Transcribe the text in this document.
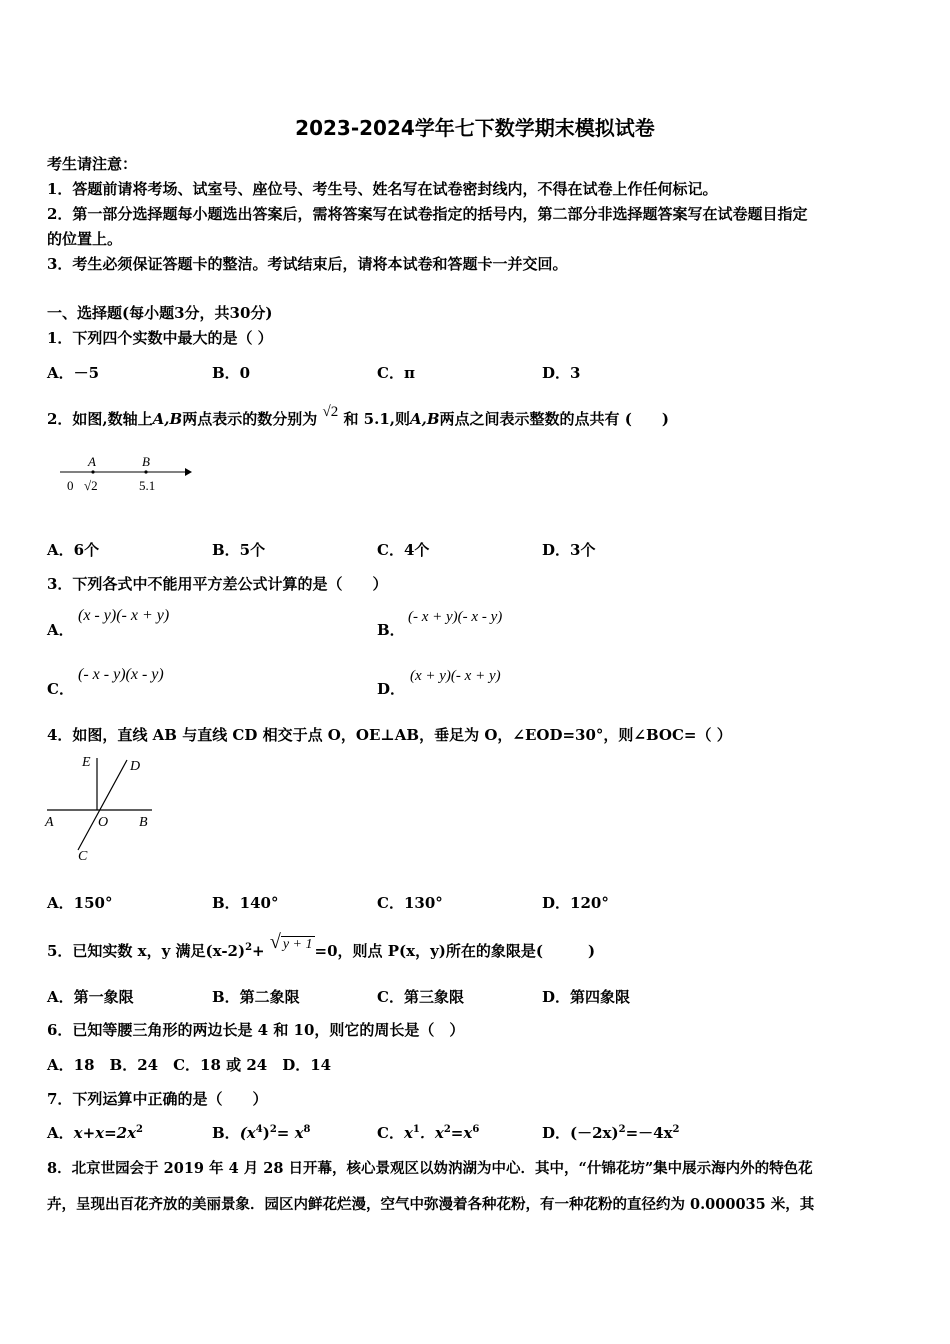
2023-2024学年七下数学期末模拟试卷
考生请注意：
1．答题前请将考场、试室号、座位号、考生号、姓名写在试卷密封线内，不得在试卷上作任何标记。
2．第一部分选择题每小题选出答案后，需将答案写在试卷指定的括号内，第二部分非选择题答案写在试卷题目指定
的位置上。
3．考生必须保证答题卡的整洁。考试结束后，请将本试卷和答题卡一并交回。
一、选择题(每小题3分，共30分)
1．下列四个实数中最大的是（ ）
A．－5	B．0	C．π	D．3
2．如图,数轴上A,B两点表示的数分别为 √2 和 5.1,则A,B两点之间表示整数的点共有 (　　)
A	B
0 √2	5.1
A．6个	B．5个	C．4个	D．3个
3．下列各式中不能用平方差公式计算的是（　　）
A．
(x - y)(- x + y)
B．
(- x + y)(- x - y)
C．
(- x - y)(x - y)
D．
(x + y)(- x + y)
4．如图，直线 AB 与直线 CD 相交于点 O，OE⊥AB，垂足为 O，∠EOD=30°，则∠BOC=（ ）
E	D
A	O B
C
A．150°	B．140°	C．130°	D．120°
5．已知实数 x，y 满足$(x-2)^2+$ √ y + 1 =0，则点 P(x，y)所在的象限是(　　　)
A．第一象限	B．第二象限	C．第三象限	D．第四象限
6．已知等腰三角形的两边长是 4 和 10，则它的周长是（　）
A．18　B．24　C．18 或 24　D．14
7．下列运算中正确的是（　　）
A．$x+x=2x^2$	B．$(x^4)^2= x^8$	C．$x^1$．$x^2=x^6$	D．$(-2x)^2=-4x^2$
8．北京世园会于 2019 年 4 月 28 日开幕，核心景观区以妫汭湖为中心．其中，“什锦花坊”集中展示海内外的特色花
卉，呈现出百花齐放的美丽景象．园区内鲜花烂漫，空气中弥漫着各种花粉，有一种花粉的直径约为 0.000035 米，其
